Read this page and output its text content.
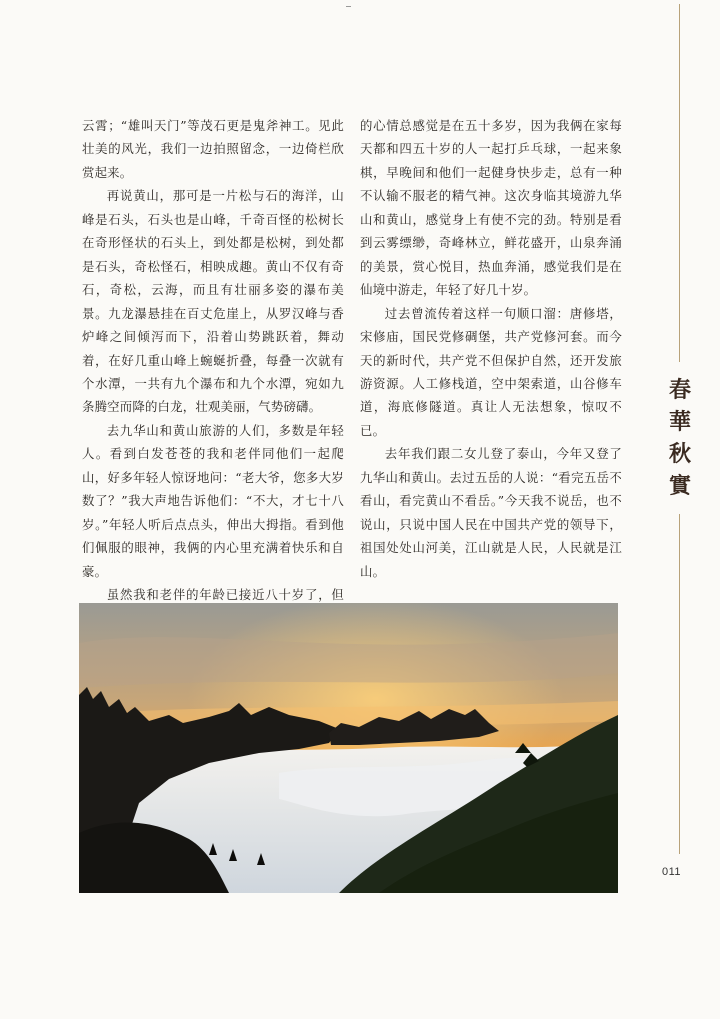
云霄；“雄叫天门”等茂石更是鬼斧神工。见此壮美的风光，我们一边拍照留念，一边倚栏欣赏起来。

再说黄山，那可是一片松与石的海洋，山峰是石头，石头也是山峰，千奇百怪的松树长在奇形怪状的石头上，到处都是松树，到处都是石头，奇松怪石，相映成趣。黄山不仅有奇石，奇松，云海，而且有壮丽多姿的瀑布美景。九龙瀑悬挂在百丈危崖上，从罗汉峰与香炉峰之间倾泻而下，沿着山势跳跃着，舞动着，在好几重山峰上蜿蜒折叠，每叠一次就有个水潭，一共有九个瀑布和九个水潭，宛如九条腾空而降的白龙，壮观美丽，气势磅礴。

去九华山和黄山旅游的人们，多数是年轻人。看到白发苍苍的我和老伴同他们一起爬山，好多年轻人惊讶地问：“老大爷，您多大岁数了？”我大声地告诉他们：“不大，才七十八岁。”年轻人听后点点头，伸出大拇指。看到他们佩服的眼神，我俩的内心里充满着快乐和自豪。

虽然我和老伴的年龄已接近八十岁了，但

的心情总感觉是在五十多岁，因为我俩在家每天都和四五十岁的人一起打乒乓球，一起来象棋，早晚间和他们一起健身快步走，总有一种不认输不服老的精气神。这次身临其境游九华山和黄山，感觉身上有使不完的劲。特别是看到云雾缥缈，奇峰林立，鲜花盛开，山泉奔涌的美景，赏心悦目，热血奔涌，感觉我们是在仙境中游走，年轻了好几十岁。

过去曾流传着这样一句顺口溜：唐修塔，宋修庙，国民党修碉堡，共产党修河套。而今天的新时代，共产党不但保护自然，还开发旅游资源。人工修栈道，空中架索道，山谷修车道，海底修隧道。真让人无法想象，惊叹不已。

去年我们跟二女儿登了泰山，今年又登了九华山和黄山。去过五岳的人说：“看完五岳不看山，看完黄山不看岳。”今天我不说岳，也不说山，只说中国人民在中国共产党的领导下，祖国处处山河美，江山就是人民，人民就是江山。

春
華
秋
實
011
